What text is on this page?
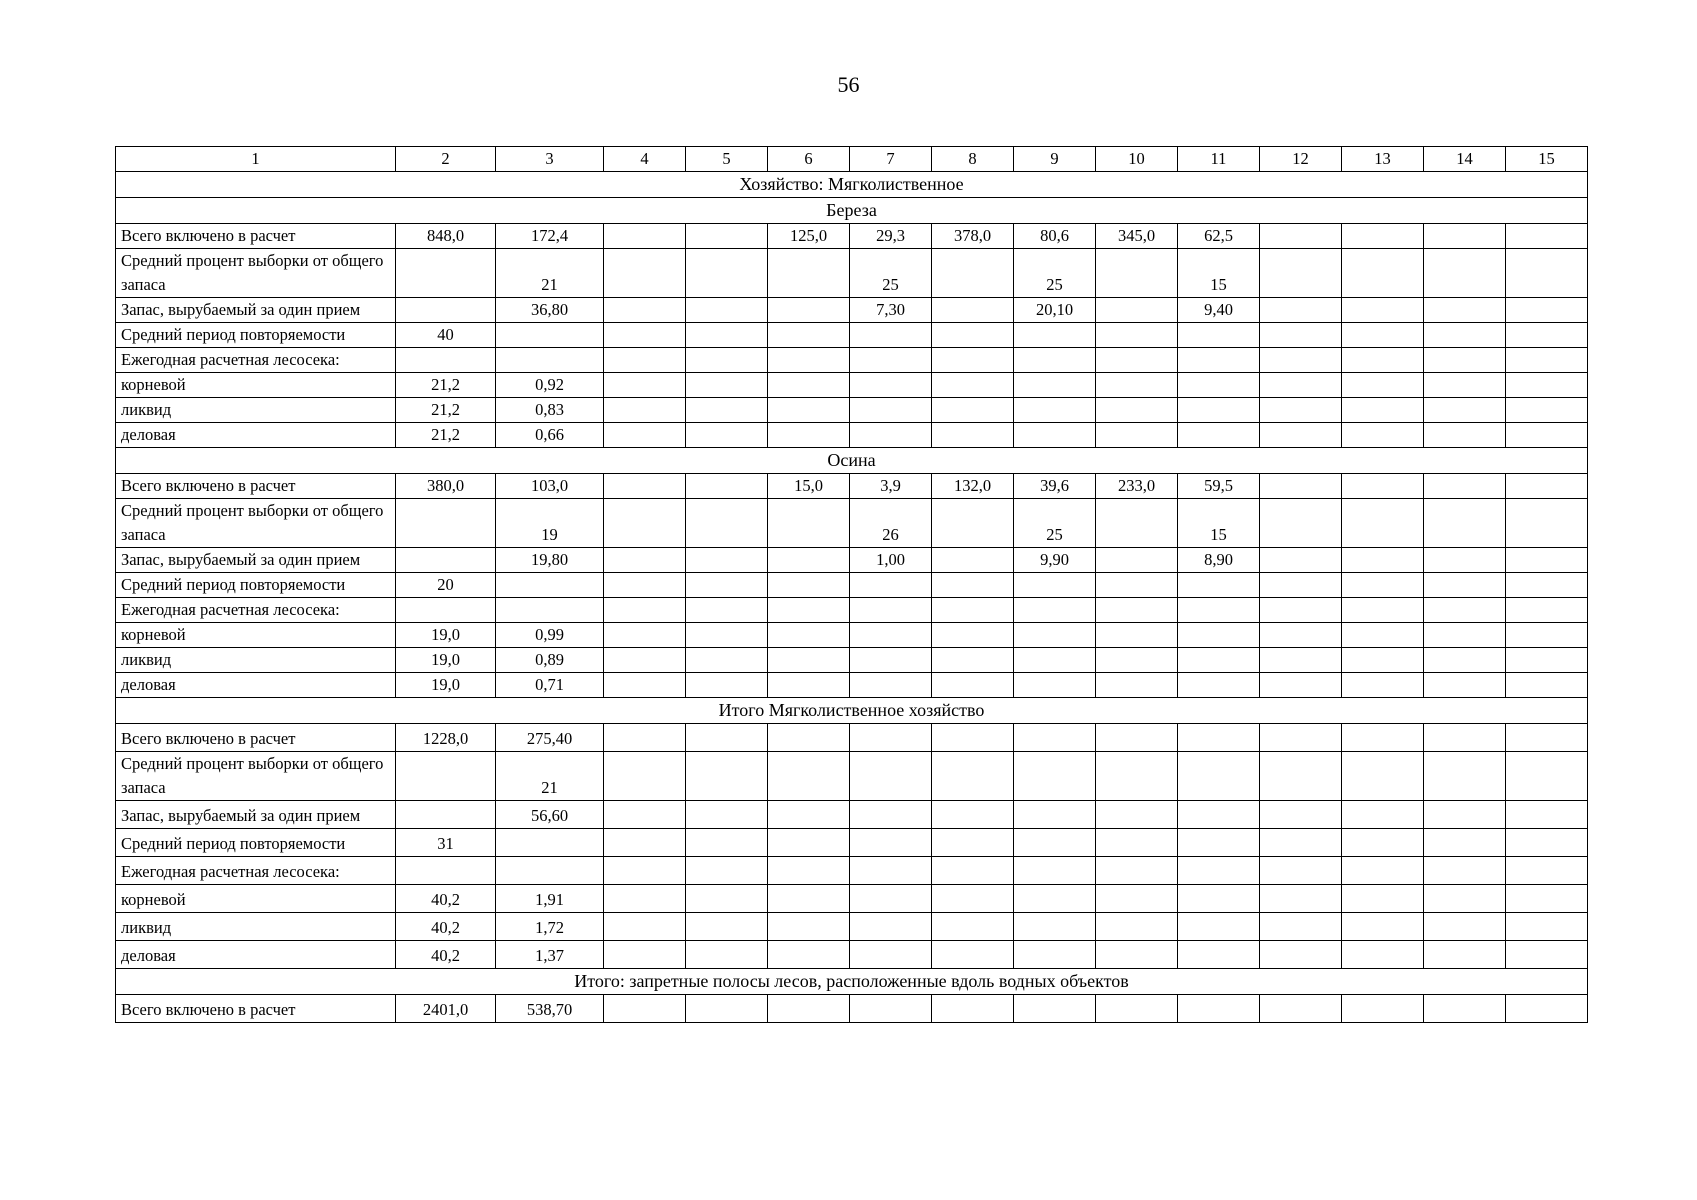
56
1	2	3	4	5	6	7	8	9	10	11	12	13	14	15
Хозяйство: Мягколиственное														
Береза														
Всего включено в расчет	848,0	172,4			125,0	29,3	378,0	80,6	345,0	62,5				
Средний процент выборки от общего запаса		21				25		25		15				
Запас, вырубаемый за один прием		36,80				7,30		20,10		9,40				
Средний период повторяемости	40													
Ежегодная расчетная лесосека:														
корневой	21,2	0,92												
ликвид	21,2	0,83												
деловая	21,2	0,66												
Осина														
Всего включено в расчет	380,0	103,0			15,0	3,9	132,0	39,6	233,0	59,5				
Средний процент выборки от общего запаса		19				26		25		15				
Запас, вырубаемый за один прием		19,80				1,00		9,90		8,90				
Средний период повторяемости	20													
Ежегодная расчетная лесосека:														
корневой	19,0	0,99												
ликвид	19,0	0,89												
деловая	19,0	0,71												
Итого Мягколиственное хозяйство														
Всего включено в расчет	1228,0	275,40												
Средний процент выборки от общего запаса		21												
Запас, вырубаемый за один прием		56,60												
Средний период повторяемости	31													
Ежегодная расчетная лесосека:														
корневой	40,2	1,91												
ликвид	40,2	1,72												
деловая	40,2	1,37												
Итого: запретные полосы лесов, расположенные вдоль водных объектов														
Всего включено в расчет	2401,0	538,70												
